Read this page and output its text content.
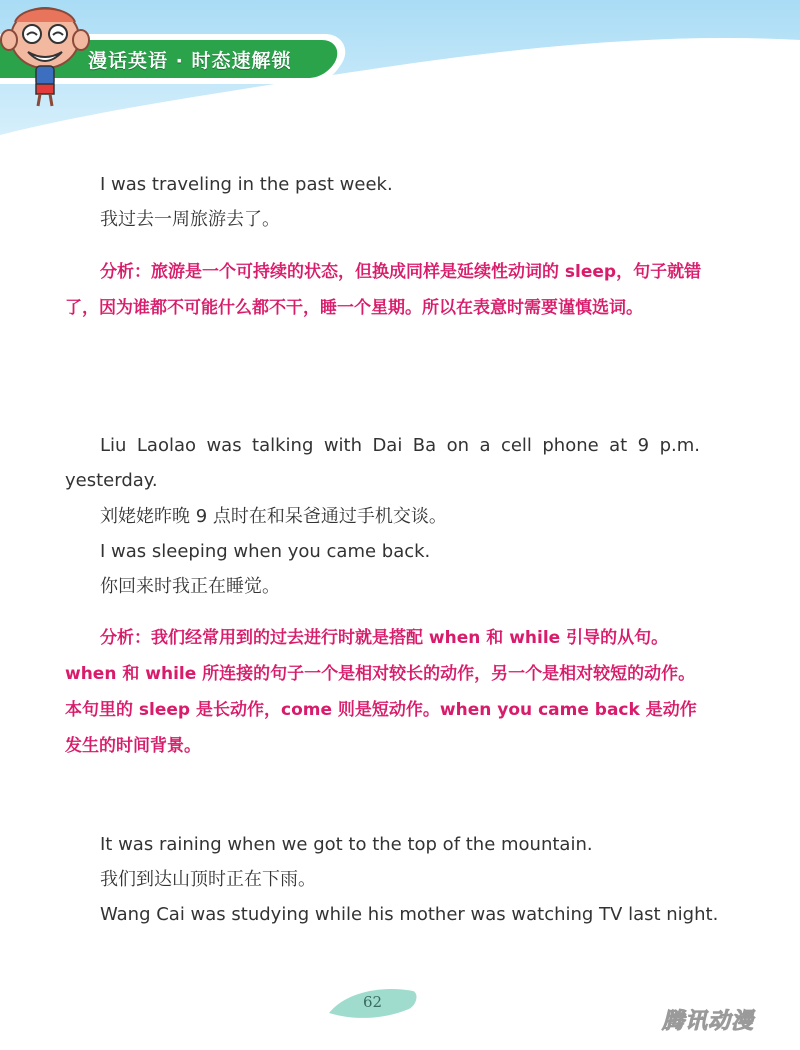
漫话英语 · 时态速解锁
I was traveling in the past week.
我过去一周旅游去了。

分析：旅游是一个可持续的状态，但换成同样是延续性动词的 sleep，句子就错了，因为谁都不可能什么都不干，睡一个星期。所以在表意时需要谨慎选词。

Liu Laolao was talking with Dai Ba on a cell phone at 9 p.m.
yesterday.
刘姥姥昨晚 9 点时在和呆爸通过手机交谈。
I was sleeping when you came back.
你回来时我正在睡觉。

分析：我们经常用到的过去进行时就是搭配 when 和 while 引导的从句。when 和 while 所连接的句子一个是相对较长的动作，另一个是相对较短的动作。本句里的 sleep 是长动作，come 则是短动作。when you came back 是动作发生的时间背景。

It was raining when we got to the top of the mountain.
我们到达山顶时正在下雨。
Wang Cai was studying while his mother was watching TV last night.
62
腾讯动漫
